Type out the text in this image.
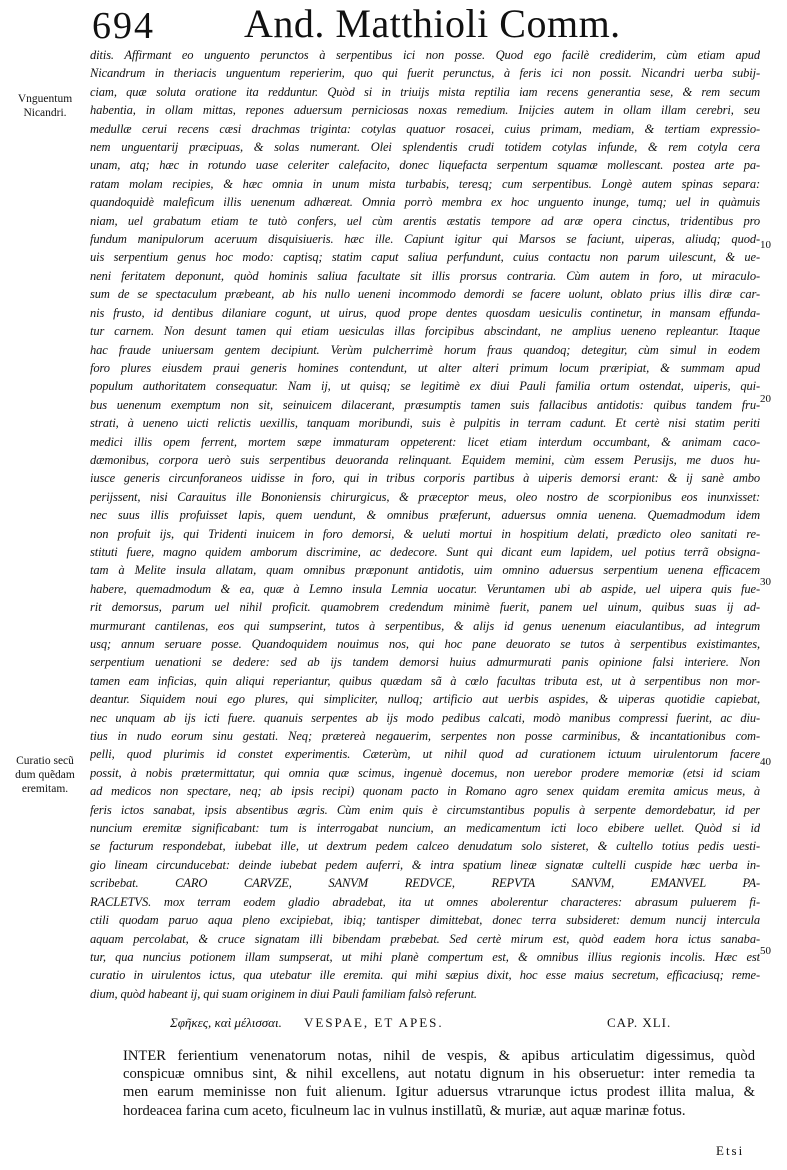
694 And. Matthioli Comm.
Vnguentum Nicandri.
Curatio secũ dum quẽdam eremitam.
10
20
30
40
50
ditis. Affirmant eo unguento perunctos à serpentibus ici non posse. Quod ego facilè crediderim, cùm etiam apud
Nicandrum in theriacis unguentum reperierim, quo qui fuerit perunctus, à feris ici non possit. Nicandri uerba subij-
ciam, quæ soluta oratione ita redduntur. Quòd si in triuijs mista reptilia iam recens generantia sese, & rem secum
habentia, in ollam mittas, repones aduersum perniciosas noxas remedium. Inijcies autem in ollam illam cerebri, seu
medullæ cerui recens cæsi drachmas triginta: cotylas quatuor rosacei, cuius primam, mediam, & tertiam expressio-
nem unguentarij præcipuas, & solas numerant. Olei splendentis crudi totidem cotylas infunde, & rem cotyla cera
unam, atq; hæc in rotundo uase celeriter calefacito, donec liquefacta serpentum squamæ mollescant. postea arte pa-
ratam molam recipies, & hæc omnia in unum mista turbabis, teresq; cum serpentibus. Longè autem spinas separa:
quandoquidè maleficum illis uenenum adhæreat. Omnia porrò membra ex hoc unguento inunge, tumq; uel in quàmuis
niam, uel grabatum etiam te tutò confers, uel cùm arentis æstatis tempore ad aræ opera cinctus, tridentibus pro
fundum manipulorum aceruum disquisiueris. hæc ille. Capiunt igitur qui Marsos se faciunt, uiperas, aliudq; quod-
uis serpentium genus hoc modo: captisq; statim caput saliua perfundunt, cuius contactu non parum uilescunt, & ue-
neni feritatem deponunt, quòd hominis saliua facultate sit illis prorsus contraria. Cùm autem in foro, ut miraculo-
sum de se spectaculum præbeant, ab his nullo ueneni incommodo demordi se facere uolunt, oblato prius illis diræ car-
nis frusto, id dentibus dilaniare cogunt, ut uirus, quod prope dentes quosdam uesiculis continetur, in mansam effunda-
tur carnem. Non desunt tamen qui etiam uesiculas illas forcipibus abscindant, ne amplius ueneno repleantur. Itaque
hac fraude uniuersam gentem decipiunt. Verùm pulcherrimè horum fraus quandoq; detegitur, cùm simul in eodem
foro plures eiusdem praui generis homines contendunt, ut alter alteri primum locum præripiat, & summam apud
populum authoritatem consequatur. Nam ij, ut quisq; se legitimè ex diui Pauli familia ortum ostendat, uiperis, qui-
bus uenenum exemptum non sit, seinuicem dilacerant, præsumptis tamen suis fallacibus antidotis: quibus tandem fru-
strati, à ueneno uicti relictis uexillis, tanquam moribundi, suis è pulpitis in terram cadunt. Et certè nisi statim periti
medici illis opem ferrent, mortem sæpe immaturam oppeterent: licet etiam interdum occumbant, & animam caco-
dæmonibus, corpora uerò suis serpentibus deuoranda relinquant. Equidem memini, cùm essem Perusijs, me duos hu-
iusce generis circunforaneos uidisse in foro, qui in tribus corporis partibus à uiperis demorsi erant: & ij sanè ambo
perijssent, nisi Carauitus ille Bononiensis chirurgicus, & præceptor meus, oleo nostro de scorpionibus eos inunxisset:
nec suus illis profuisset lapis, quem uendunt, & omnibus præferunt, aduersus omnia uenena. Quemadmodum idem
non profuit ijs, qui Tridenti inuicem in foro demorsi, & ueluti mortui in hospitium delati, prædicto oleo sanitati re-
stituti fuere, magno quidem amborum discrimine, ac dedecore. Sunt qui dicant eum lapidem, uel potius terrã obsigna-
tam à Melite insula allatam, quam omnibus præponunt antidotis, uim omnino aduersus serpentium uenena efficacem
habere, quemadmodum & ea, quæ à Lemno insula Lemnia uocatur. Veruntamen ubi ab aspide, uel uipera quis fue-
rit demorsus, parum uel nihil proficit. quamobrem credendum minimè fuerit, panem uel uinum, quibus suas ij ad-
murmurant cantilenas, eos qui sumpserint, tutos à serpentibus, & alijs id genus uenenum eiaculantibus, ad integrum
usq; annum seruare posse. Quandoquidem nouimus nos, qui hoc pane deuorato se tutos à serpentibus existimantes,
serpentium uenationi se dedere: sed ab ijs tandem demorsi huius admurmurati panis opinione falsi interiere. Non
tamen eam inficias, quin aliqui reperiantur, quibus quædam sã à cœlo facultas tributa est, ut à serpentibus non mor-
deantur. Siquidem noui ego plures, qui simpliciter, nulloq; artificio aut uerbis aspides, & uiperas quotidie capiebat,
nec unquam ab ijs icti fuere. quanuis serpentes ab ijs modo pedibus calcati, modò manibus compressi fuerint, ac diu-
tius in nudo eorum sinu gestati. Neq; prætereà negauerim, serpentes non posse carminibus, & incantationibus com-
pelli, quod plurimis id constet experimentis. Cæterùm, ut nihil quod ad curationem ictuum uirulentorum facere
possit, à nobis prætermittatur, qui omnia quæ scimus, ingenuè docemus, non uerebor prodere memoriæ (etsi id sciam
ad medicos non spectare, neq; ab ipsis recipi) quonam pacto in Romano agro senex quidam eremita amicus meus, à
feris ictos sanabat, ipsis absentibus ægris. Cùm enim quis è circumstantibus populis à serpente demordebatur, id per
nuncium eremitæ significabant: tum is interrogabat nuncium, an medicamentum icti loco ebibere uellet. Quòd si id
se facturum respondebat, iubebat ille, ut dextrum pedem calceo denudatum solo sisteret, & cultello totius pedis uesti-
gio lineam circunducebat: deinde iubebat pedem auferri, & intra spatium lineæ signatæ cultelli cuspide hæc uerba in-
scribebat. CARO CARVZE, SANVM REDVCE, REPVTA SANVM, EMANVEL PA-
RACLETVS. mox terram eodem gladio abradebat, ita ut omnes abolerentur characteres: abrasum puluerem fi-
ctili quodam paruo aqua pleno excipiebat, ibiq; tantisper dimittebat, donec terra subsideret: demum nuncij intercula
aquam percolabat, & cruce signatam illi bibendam præbebat. Sed certè mirum est, quòd eadem hora ictus sanaba-
tur, qua nuncius potionem illam sumpserat, ut mihi planè compertum est, & omnibus illius regionis incolis. Hæc est
curatio in uirulentos ictus, qua utebatur ille eremita. qui mihi sæpius dixit, hoc esse maius secretum, efficaciusq; reme-
dium, quòd habeant ij, qui suam originem in diui Pauli familiam falsò referunt.
Σφῆκες, καὶ μέλισσαι. VESPAE, ET APES.	CAP. XLI.
INTER ferientium venenatorum notas, nihil de vespis, & apibus articulatim digessimus, quòd
conspicuæ omnibus sint, & nihil excellens, aut notatu dignum in his obseruetur: inter remedia ta
men earum meminisse non fuit alienum. Igitur aduersus vtrarunque ictus prodest illita malua, &
hordeacea farina cum aceto, ficulneum lac in vulnus instillatũ, & muriæ, aut aquæ marinæ fotus.
Etsi
